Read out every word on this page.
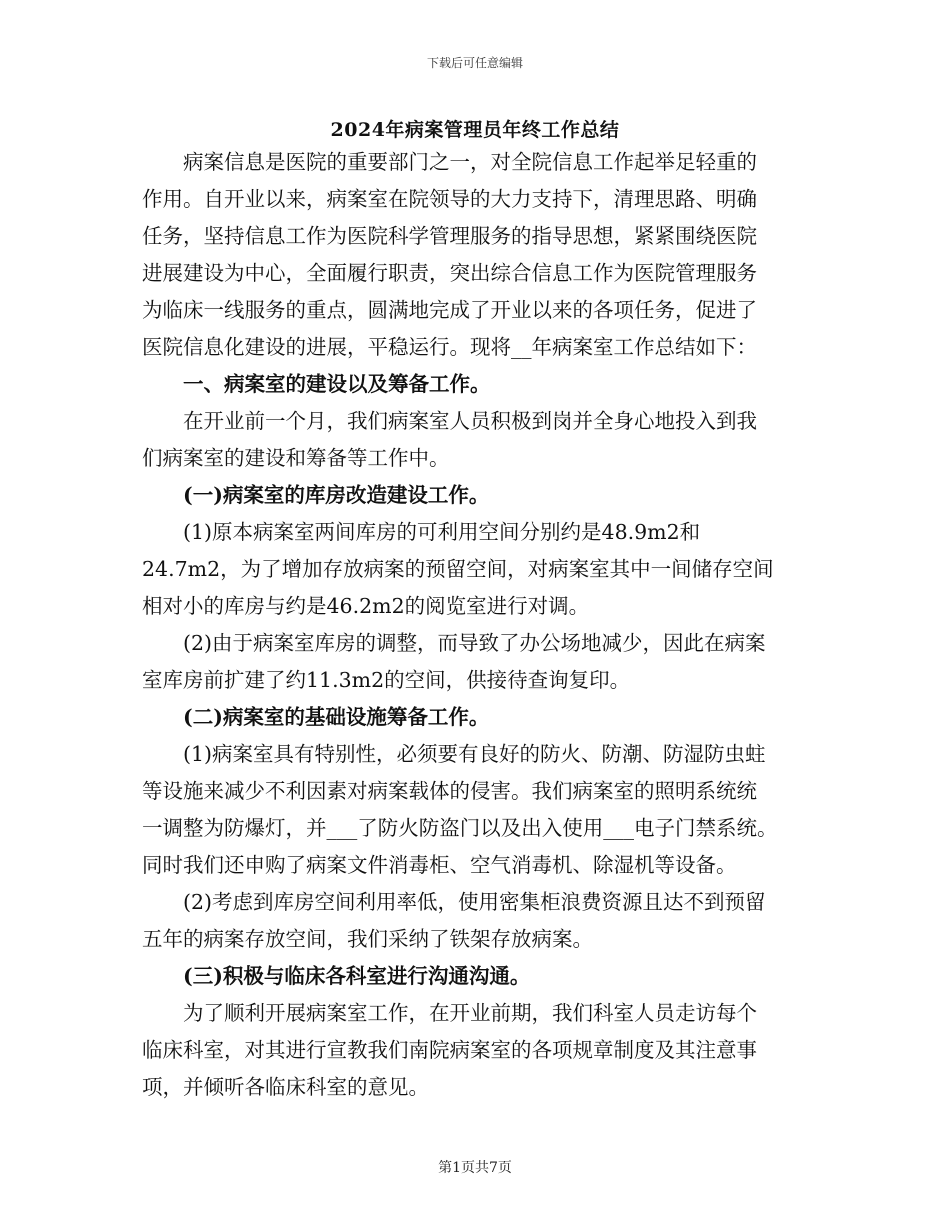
下载后可任意编辑
2024年病案管理员年终工作总结
病案信息是医院的重要部门之一，对全院信息工作起举足轻重的
作用。自开业以来，病案室在院领导的大力支持下，清理思路、明确
任务，坚持信息工作为医院科学管理服务的指导思想，紧紧围绕医院
进展建设为中心，全面履行职责，突出综合信息工作为医院管理服务
为临床一线服务的重点，圆满地完成了开业以来的各项任务，促进了
医院信息化建设的进展，平稳运行。现将__年病案室工作总结如下：
一、病案室的建设以及筹备工作。
在开业前一个月，我们病案室人员积极到岗并全身心地投入到我
们病案室的建设和筹备等工作中。
(一)病案室的库房改造建设工作。
(1)原本病案室两间库房的可利用空间分别约是48.9m2和
24.7m2，为了增加存放病案的预留空间，对病案室其中一间储存空间
相对小的库房与约是46.2m2的阅览室进行对调。
(2)由于病案室库房的调整，而导致了办公场地减少，因此在病案
室库房前扩建了约11.3m2的空间，供接待查询复印。
(二)病案室的基础设施筹备工作。
(1)病案室具有特别性，必须要有良好的防火、防潮、防湿防虫蛀
等设施来减少不利因素对病案载体的侵害。我们病案室的照明系统统
一调整为防爆灯，并___了防火防盗门以及出入使用___电子门禁系统。
同时我们还申购了病案文件消毒柜、空气消毒机、除湿机等设备。
(2)考虑到库房空间利用率低，使用密集柜浪费资源且达不到预留
五年的病案存放空间，我们采纳了铁架存放病案。
(三)积极与临床各科室进行沟通沟通。
为了顺利开展病案室工作，在开业前期，我们科室人员走访每个
临床科室，对其进行宣教我们南院病案室的各项规章制度及其注意事
项，并倾听各临床科室的意见。
第1页共7页
